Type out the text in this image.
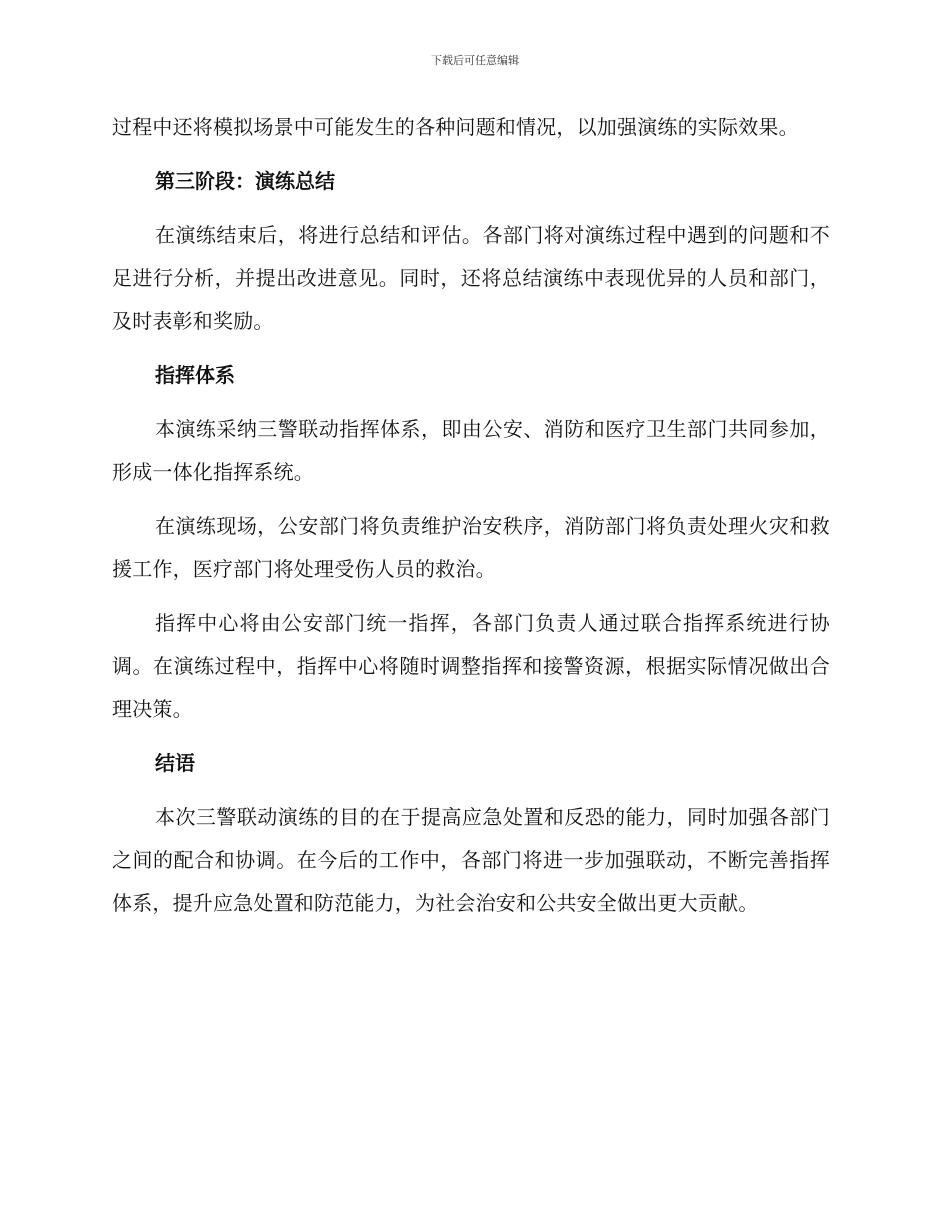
下载后可任意编辑

过程中还将模拟场景中可能发生的各种问题和情况，以加强演练的实际效果。

第三阶段：演练总结

在演练结束后，将进行总结和评估。各部门将对演练过程中遇到的问题和不足进行分析，并提出改进意见。同时，还将总结演练中表现优异的人员和部门，及时表彰和奖励。

指挥体系

本演练采纳三警联动指挥体系，即由公安、消防和医疗卫生部门共同参加，形成一体化指挥系统。

在演练现场，公安部门将负责维护治安秩序，消防部门将负责处理火灾和救援工作，医疗部门将处理受伤人员的救治。

指挥中心将由公安部门统一指挥，各部门负责人通过联合指挥系统进行协调。在演练过程中，指挥中心将随时调整指挥和接警资源，根据实际情况做出合理决策。

结语

本次三警联动演练的目的在于提高应急处置和反恐的能力，同时加强各部门之间的配合和协调。在今后的工作中，各部门将进一步加强联动，不断完善指挥体系，提升应急处置和防范能力，为社会治安和公共安全做出更大贡献。
